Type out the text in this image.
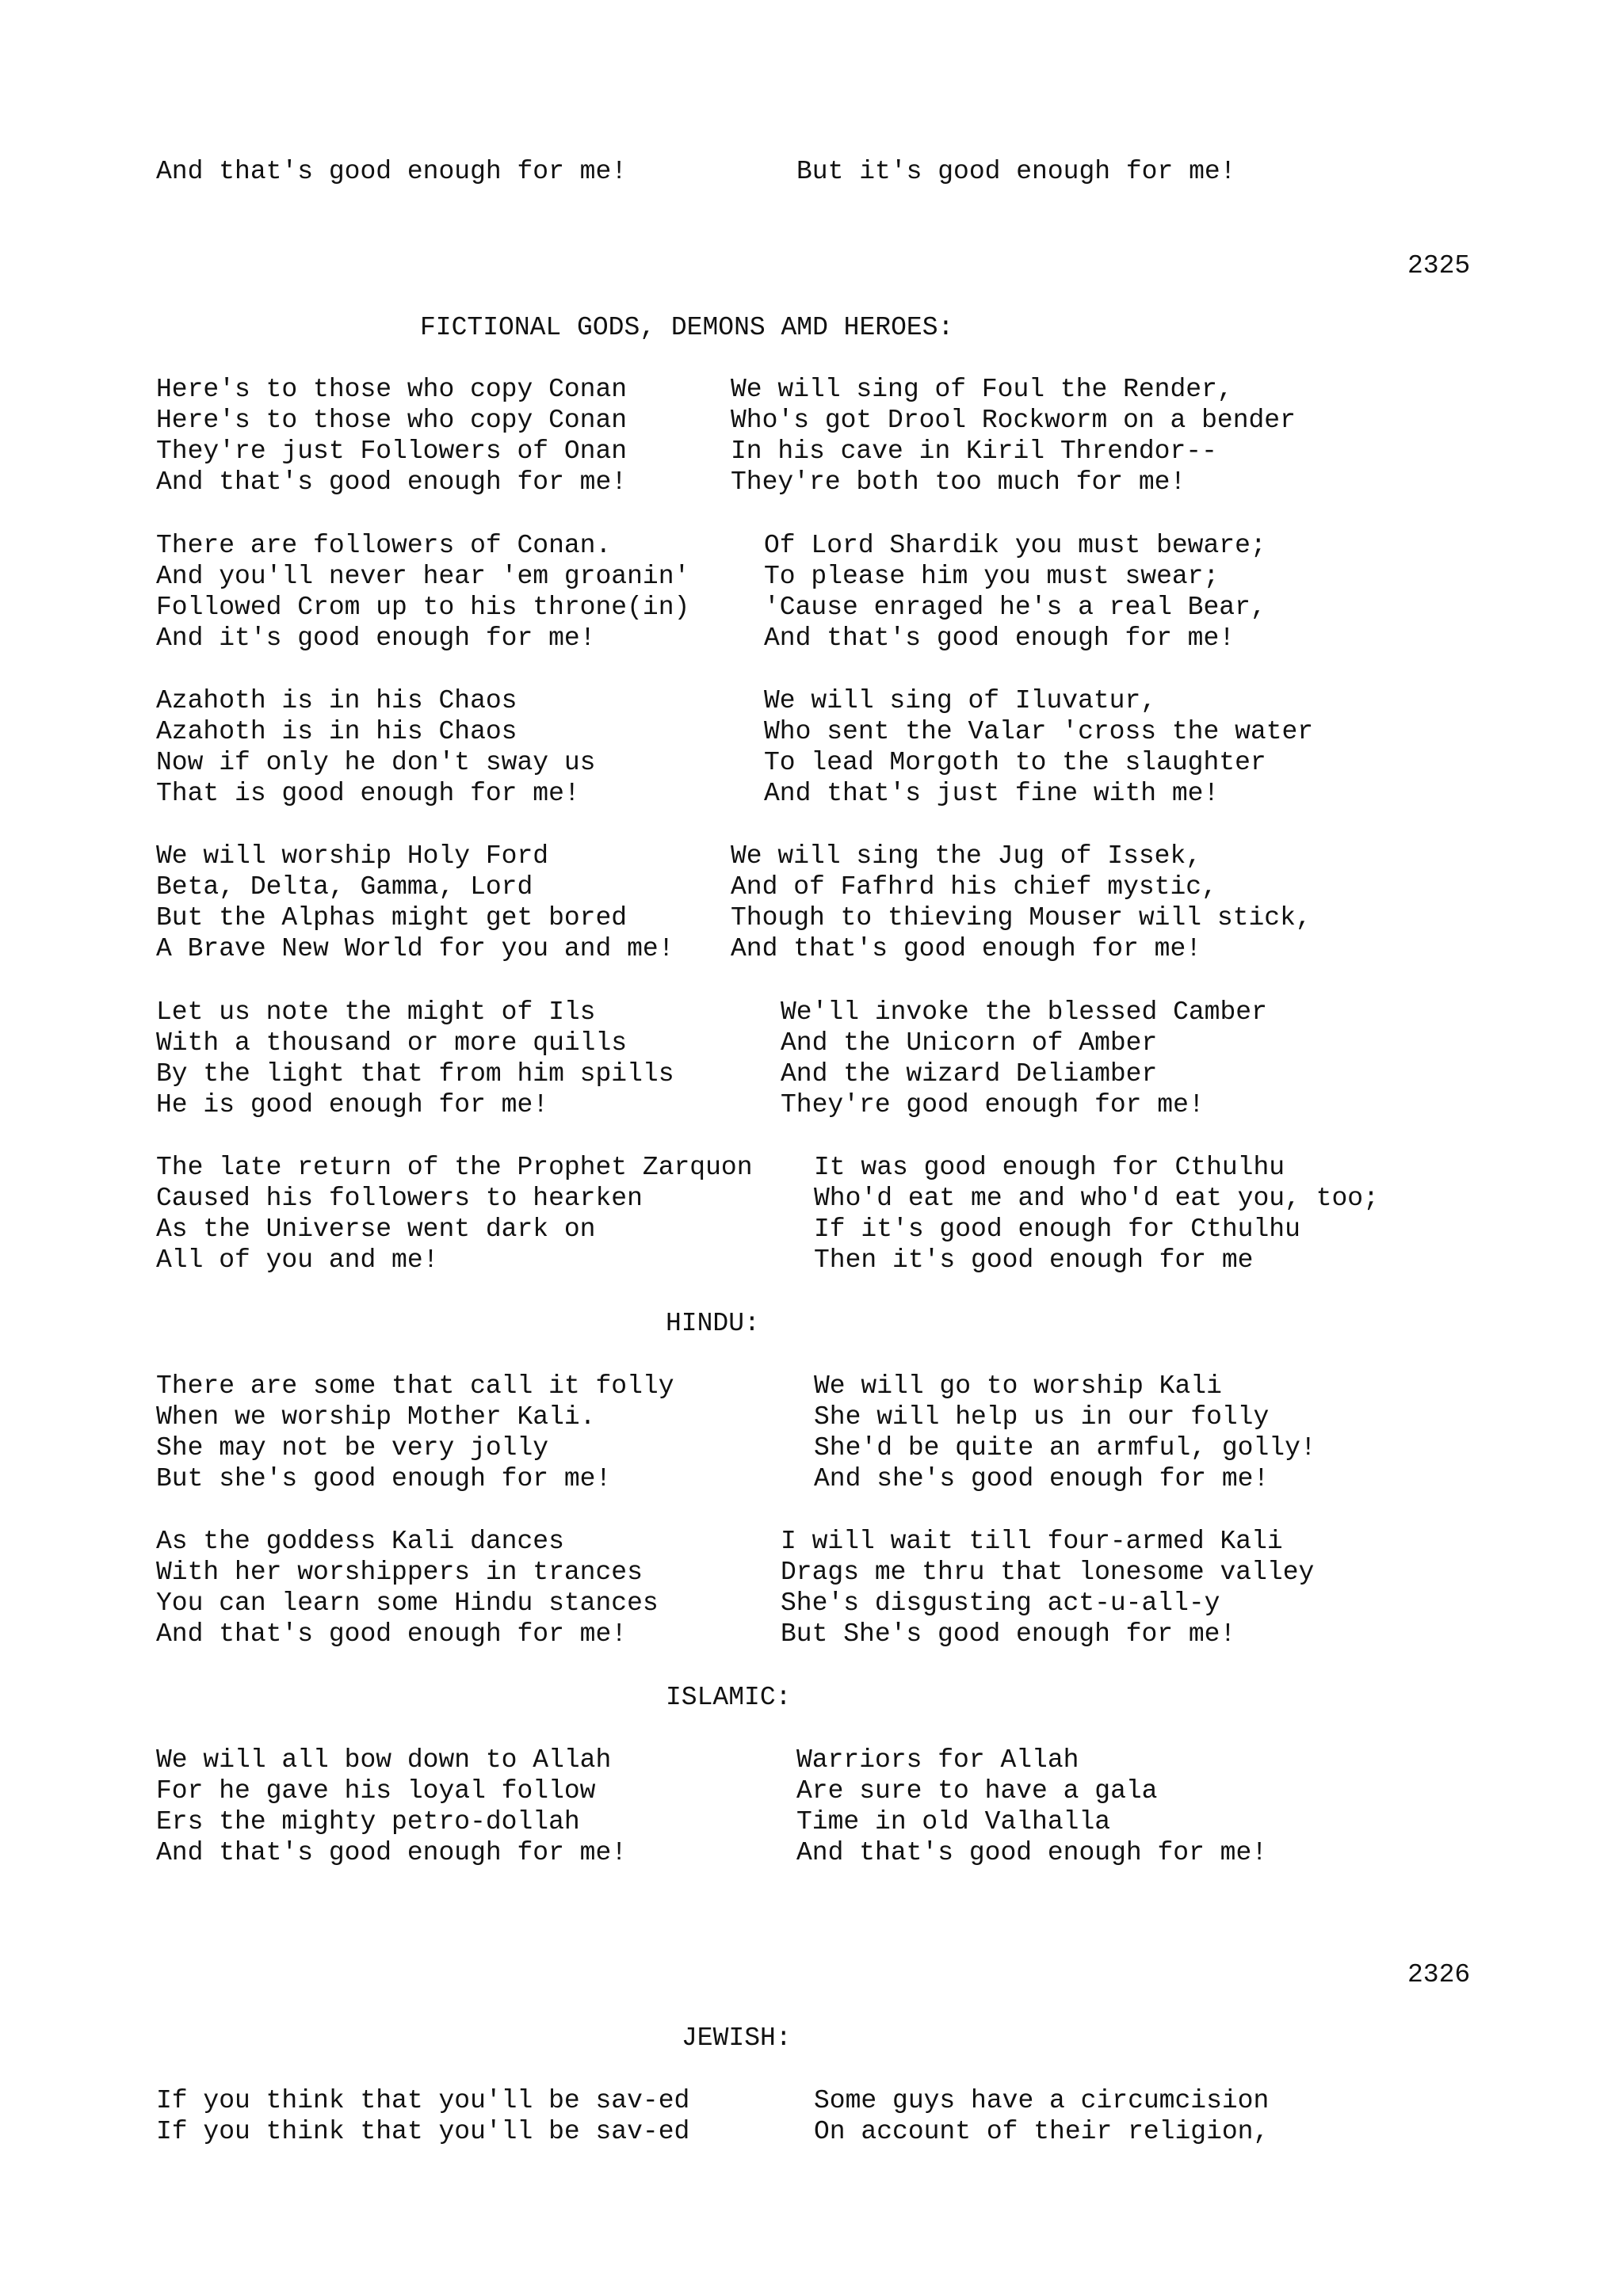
And that's good enough for me!	But it's good enough for me!
2325
FICTIONAL GODS, DEMONS AMD HEROES:
Here's to those who copy Conan
Here's to those who copy Conan
They're just Followers of Onan
And that's good enough for me!
We will sing of Foul the Render,
Who's got Drool Rockworm on a bender
In his cave in Kiril Threndor--
They're both too much for me!
There are followers of Conan.
And you'll never hear 'em groanin'
Followed Crom up to his throne(in)
And it's good enough for me!
Of Lord Shardik you must beware;
To please him you must swear;
'Cause enraged he's a real Bear,
And that's good enough for me!
Azahoth is in his Chaos
Azahoth is in his Chaos
Now if only he don't sway us
That is good enough for me!
We will sing of Iluvatur,
Who sent the Valar 'cross the water
To lead Morgoth to the slaughter
And that's just fine with me!
We will worship Holy Ford
Beta, Delta, Gamma, Lord
But the Alphas might get bored
A Brave New World for you and me!
We will sing the Jug of Issek,
And of Fafhrd his chief mystic,
Though to thieving Mouser will stick,
And that's good enough for me!
Let us note the might of Ils
With a thousand or more quills
By the light that from him spills
He is good enough for me!
We'll invoke the blessed Camber
And the Unicorn of Amber
And the wizard Deliamber
They're good enough for me!
The late return of the Prophet Zarquon
Caused his followers to hearken
As the Universe went dark on
All of you and me!
It was good enough for Cthulhu
Who'd eat me and who'd eat you, too;
If it's good enough for Cthulhu
Then it's good enough for me
HINDU:
There are some that call it folly
When we worship Mother Kali.
She may not be very jolly
But she's good enough for me!
We will go to worship Kali
She will help us in our folly
She'd be quite an armful, golly!
And she's good enough for me!
As the goddess Kali dances
With her worshippers in trances
You can learn some Hindu stances
And that's good enough for me!
I will wait till four-armed Kali
Drags me thru that lonesome valley
She's disgusting act-u-all-y
But She's good enough for me!
ISLAMIC:
We will all bow down to Allah
For he gave his loyal follow
Ers the mighty petro-dollah
And that's good enough for me!
Warriors for Allah
Are sure to have a gala
Time in old Valhalla
And that's good enough for me!
2326
JEWISH:
If you think that you'll be sav-ed
If you think that you'll be sav-ed
Some guys have a circumcision
On account of their religion,
